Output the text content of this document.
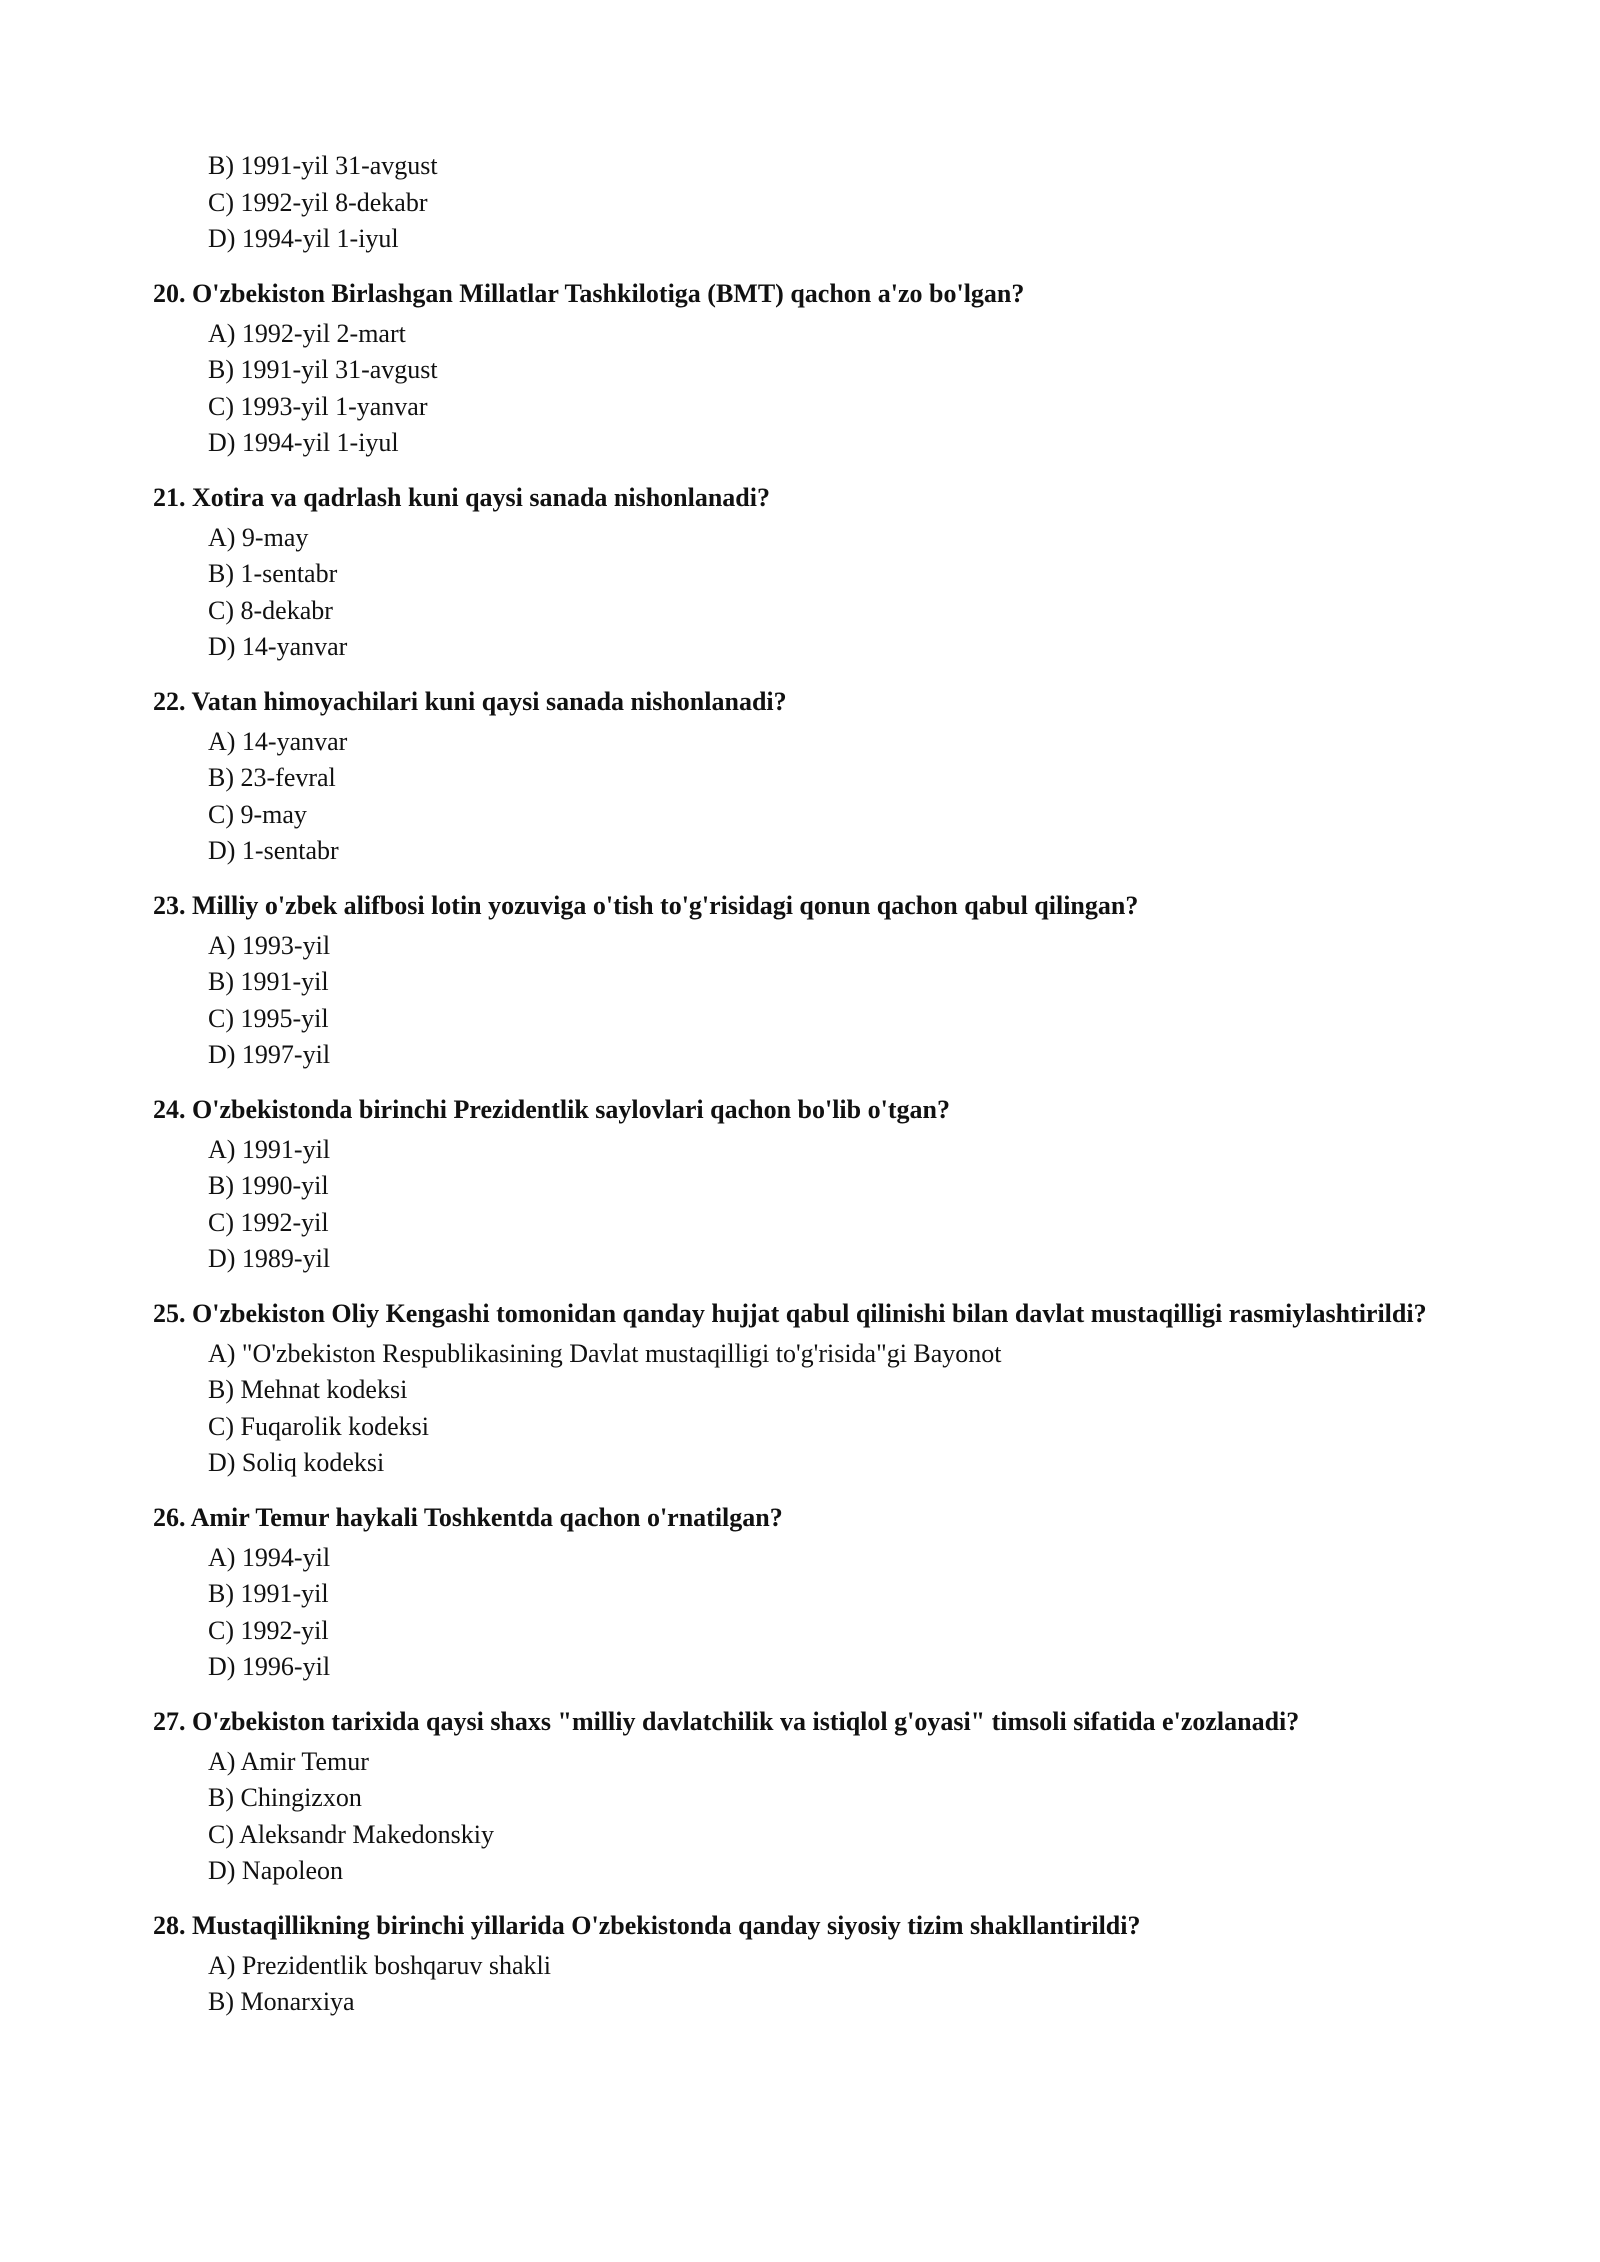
B) 1991-yil 31-avgust
C) 1992-yil 8-dekabr
D) 1994-yil 1-iyul

20. O'zbekiston Birlashgan Millatlar Tashkilotiga (BMT) qachon a'zo bo'lgan?

A) 1992-yil 2-mart
B) 1991-yil 31-avgust
C) 1993-yil 1-yanvar
D) 1994-yil 1-iyul

21. Xotira va qadrlash kuni qaysi sanada nishonlanadi?

A) 9-may
B) 1-sentabr
C) 8-dekabr
D) 14-yanvar

22. Vatan himoyachilari kuni qaysi sanada nishonlanadi?

A) 14-yanvar
B) 23-fevral
C) 9-may
D) 1-sentabr

23. Milliy o'zbek alifbosi lotin yozuviga o'tish to'g'risidagi qonun qachon qabul qilingan?

A) 1993-yil
B) 1991-yil
C) 1995-yil
D) 1997-yil

24. O'zbekistonda birinchi Prezidentlik saylovlari qachon bo'lib o'tgan?

A) 1991-yil
B) 1990-yil
C) 1992-yil
D) 1989-yil

25. O'zbekiston Oliy Kengashi tomonidan qanday hujjat qabul qilinishi bilan davlat mustaqilligi rasmiylashtirildi?

A) "O'zbekiston Respublikasining Davlat mustaqilligi to'g'risida"gi Bayonot
B) Mehnat kodeksi
C) Fuqarolik kodeksi
D) Soliq kodeksi

26. Amir Temur haykali Toshkentda qachon o'rnatilgan?

A) 1994-yil
B) 1991-yil
C) 1992-yil
D) 1996-yil

27. O'zbekiston tarixida qaysi shaxs "milliy davlatchilik va istiqlol g'oyasi" timsoli sifatida e'zozlanadi?

A) Amir Temur
B) Chingizxon
C) Aleksandr Makedonskiy
D) Napoleon

28. Mustaqillikning birinchi yillarida O'zbekistonda qanday siyosiy tizim shakllantirildi?

A) Prezidentlik boshqaruv shakli
B) Monarxiya
